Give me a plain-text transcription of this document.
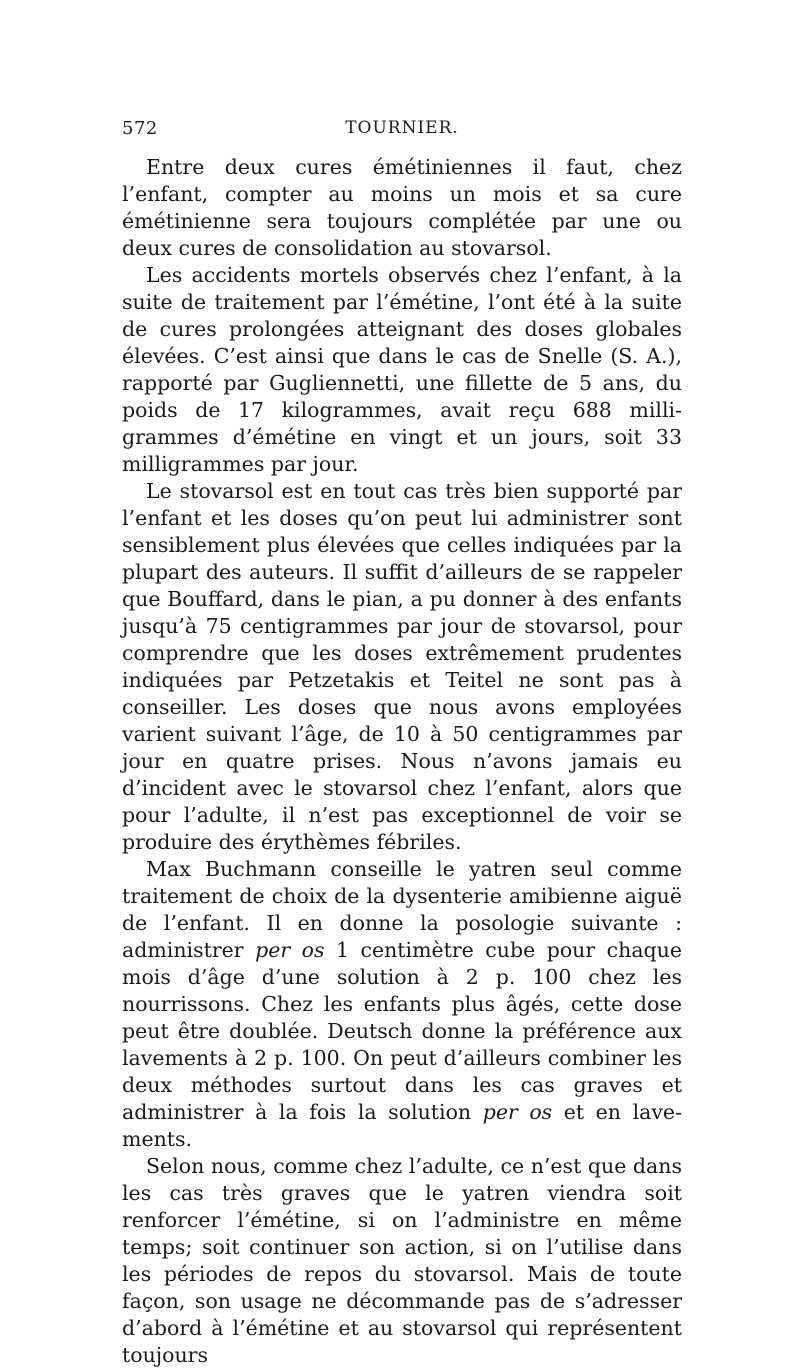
572	TOURNIER.

Entre deux cures émétiniennes il faut, chez l’enfant, compter au moins un mois et sa cure émétinienne sera toujours complétée par une ou deux cures de consolidation au stovarsol.

Les accidents mortels observés chez l’enfant, à la suite de traitement par l’émétine, l’ont été à la suite de cures prolongées atteignant des doses globales élevées. C’est ainsi que dans le cas de Snelle (S. A.), rapporté par Gugliennetti, une fillette de 5 ans, du poids de 17 kilogrammes, avait reçu 688 milligrammes d’émétine en vingt et un jours, soit 33 milligrammes par jour.

Le stovarsol est en tout cas très bien supporté par l’enfant et les doses qu’on peut lui administrer sont sensiblement plus élevées que celles indiquées par la plupart des auteurs. Il suffit d’ailleurs de se rappeler que Bouffard, dans le pian, a pu donner à des enfants jusqu’à 75 centigrammes par jour de stovarsol, pour comprendre que les doses extrêmement prudentes indiquées par Petzetakis et Teitel ne sont pas à conseiller. Les doses que nous avons employées varient suivant l’âge, de 10 à 50 centigrammes par jour en quatre prises. Nous n’avons jamais eu d’incident avec le stovarsol chez l’enfant, alors que pour l’adulte, il n’est pas exceptionnel de voir se produire des érythèmes fébriles.

Max Buchmann conseille le yatren seul comme traitement de choix de la dysenterie amibienne aiguë de l’enfant. Il en donne la posologie suivante : administrer per os 1 centimètre cube pour chaque mois d’âge d’une solution à 2 p. 100 chez les nourrissons. Chez les enfants plus âgés, cette dose peut être doublée. Deutsch donne la préférence aux lavements à 2 p. 100. On peut d’ailleurs combiner les deux méthodes surtout dans les cas graves et administrer à la fois la solution per os et en lavements.

Selon nous, comme chez l’adulte, ce n’est que dans les cas très graves que le yatren viendra soit renforcer l’émétine, si on l’administre en même temps; soit continuer son action, si on l’utilise dans les périodes de repos du stovarsol. Mais de toute façon, son usage ne décommande pas de s’adresser d’abord à l’émétine et au stovarsol qui représentent toujours
